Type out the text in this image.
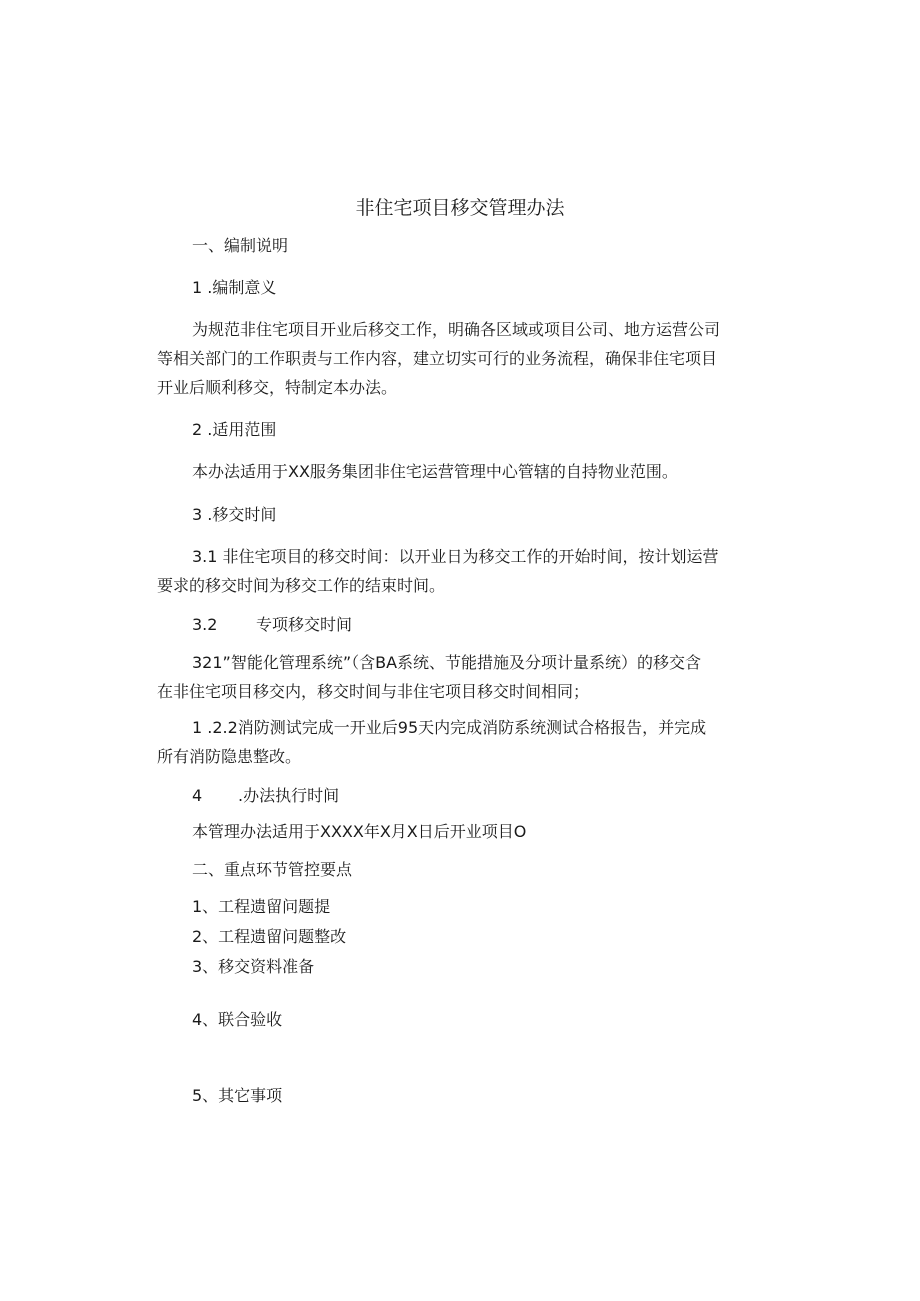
非住宅项目移交管理办法
一、编制说明
1 .编制意义
为规范非住宅项目开业后移交工作，明确各区域或项目公司、地方运营公司
等相关部门的工作职责与工作内容，建立切实可行的业务流程，确保非住宅项目
开业后顺利移交，特制定本办法。
2 .适用范围
本办法适用于XX服务集团非住宅运营管理中心管辖的自持物业范围。
3 .移交时间
3.1 非住宅项目的移交时间：以开业日为移交工作的开始时间，按计划运营
要求的移交时间为移交工作的结束时间。
3.2 专项移交时间
321”智能化管理系统”（含BA系统、节能措施及分项计量系统）的移交含
在非住宅项目移交内，移交时间与非住宅项目移交时间相同；
1 .2.2消防测试完成一开业后95天内完成消防系统测试合格报告，并完成
所有消防隐患整改。
4 .办法执行时间
本管理办法适用于XXXX年X月X日后开业项目O
二、重点环节管控要点
1、工程遗留问题提
2、工程遗留问题整改
3、移交资料准备
4、联合验收
5、其它事项
